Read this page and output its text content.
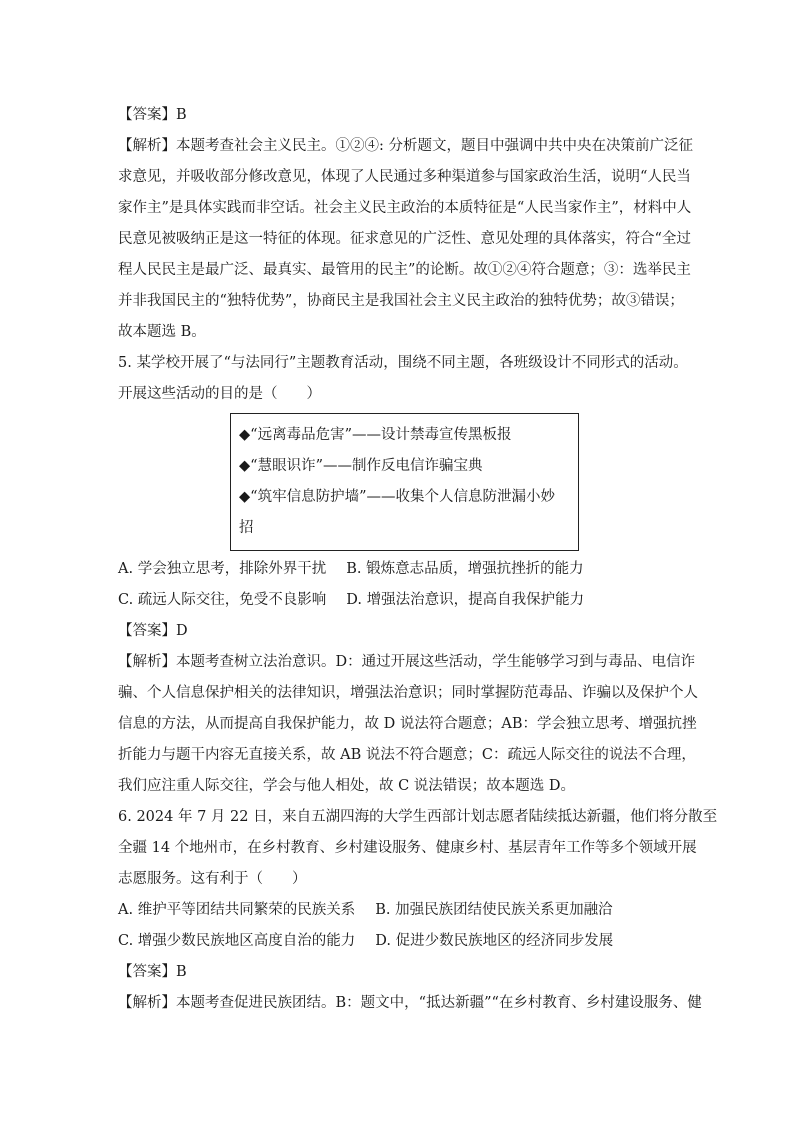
【答案】B
【解析】本题考查社会主义民主。①②④: 分析题文，题目中强调中共中央在决策前广泛征
求意见，并吸收部分修改意见，体现了人民通过多种渠道参与国家政治生活，说明“人民当
家作主”是具体实践而非空话。社会主义民主政治的本质特征是“人民当家作主”，材料中人
民意见被吸纳正是这一特征的体现。征求意见的广泛性、意见处理的具体落实，符合“全过
程人民民主是最广泛、最真实、最管用的民主”的论断。故①②④符合题意；③：选举民主
并非我国民主的“独特优势”，协商民主是我国社会主义民主政治的独特优势；故③错误；
故本题选 B。
5. 某学校开展了“与法同行”主题教育活动，围绕不同主题，各班级设计不同形式的活动。
开展这些活动的目的是（　　）
◆“远离毒品危害”——设计禁毒宣传黑板报
◆“慧眼识诈”——制作反电信诈骗宝典
◆“筑牢信息防护墙”——收集个人信息防泄漏小妙
招
A. 学会独立思考，排除外界干扰 B. 锻炼意志品质，增强抗挫折的能力
C. 疏远人际交往，免受不良影响 D. 增强法治意识，提高自我保护能力
【答案】D
【解析】本题考查树立法治意识。D：通过开展这些活动，学生能够学习到与毒品、电信诈
骗、个人信息保护相关的法律知识，增强法治意识；同时掌握防范毒品、诈骗以及保护个人
信息的方法，从而提高自我保护能力，故 D 说法符合题意；AB：学会独立思考、增强抗挫
折能力与题干内容无直接关系，故 AB 说法不符合题意；C：疏远人际交往的说法不合理，
我们应注重人际交往，学会与他人相处，故 C 说法错误；故本题选 D。
6. 2024 年 7 月 22 日，来自五湖四海的大学生西部计划志愿者陆续抵达新疆，他们将分散至
全疆 14 个地州市，在乡村教育、乡村建设服务、健康乡村、基层青年工作等多个领域开展
志愿服务。这有利于（　　）
A. 维护平等团结共同繁荣的民族关系 B. 加强民族团结使民族关系更加融洽
C. 增强少数民族地区高度自治的能力 D. 促进少数民族地区的经济同步发展
【答案】B
【解析】本题考查促进民族团结。B：题文中，“抵达新疆”“在乡村教育、乡村建设服务、健
